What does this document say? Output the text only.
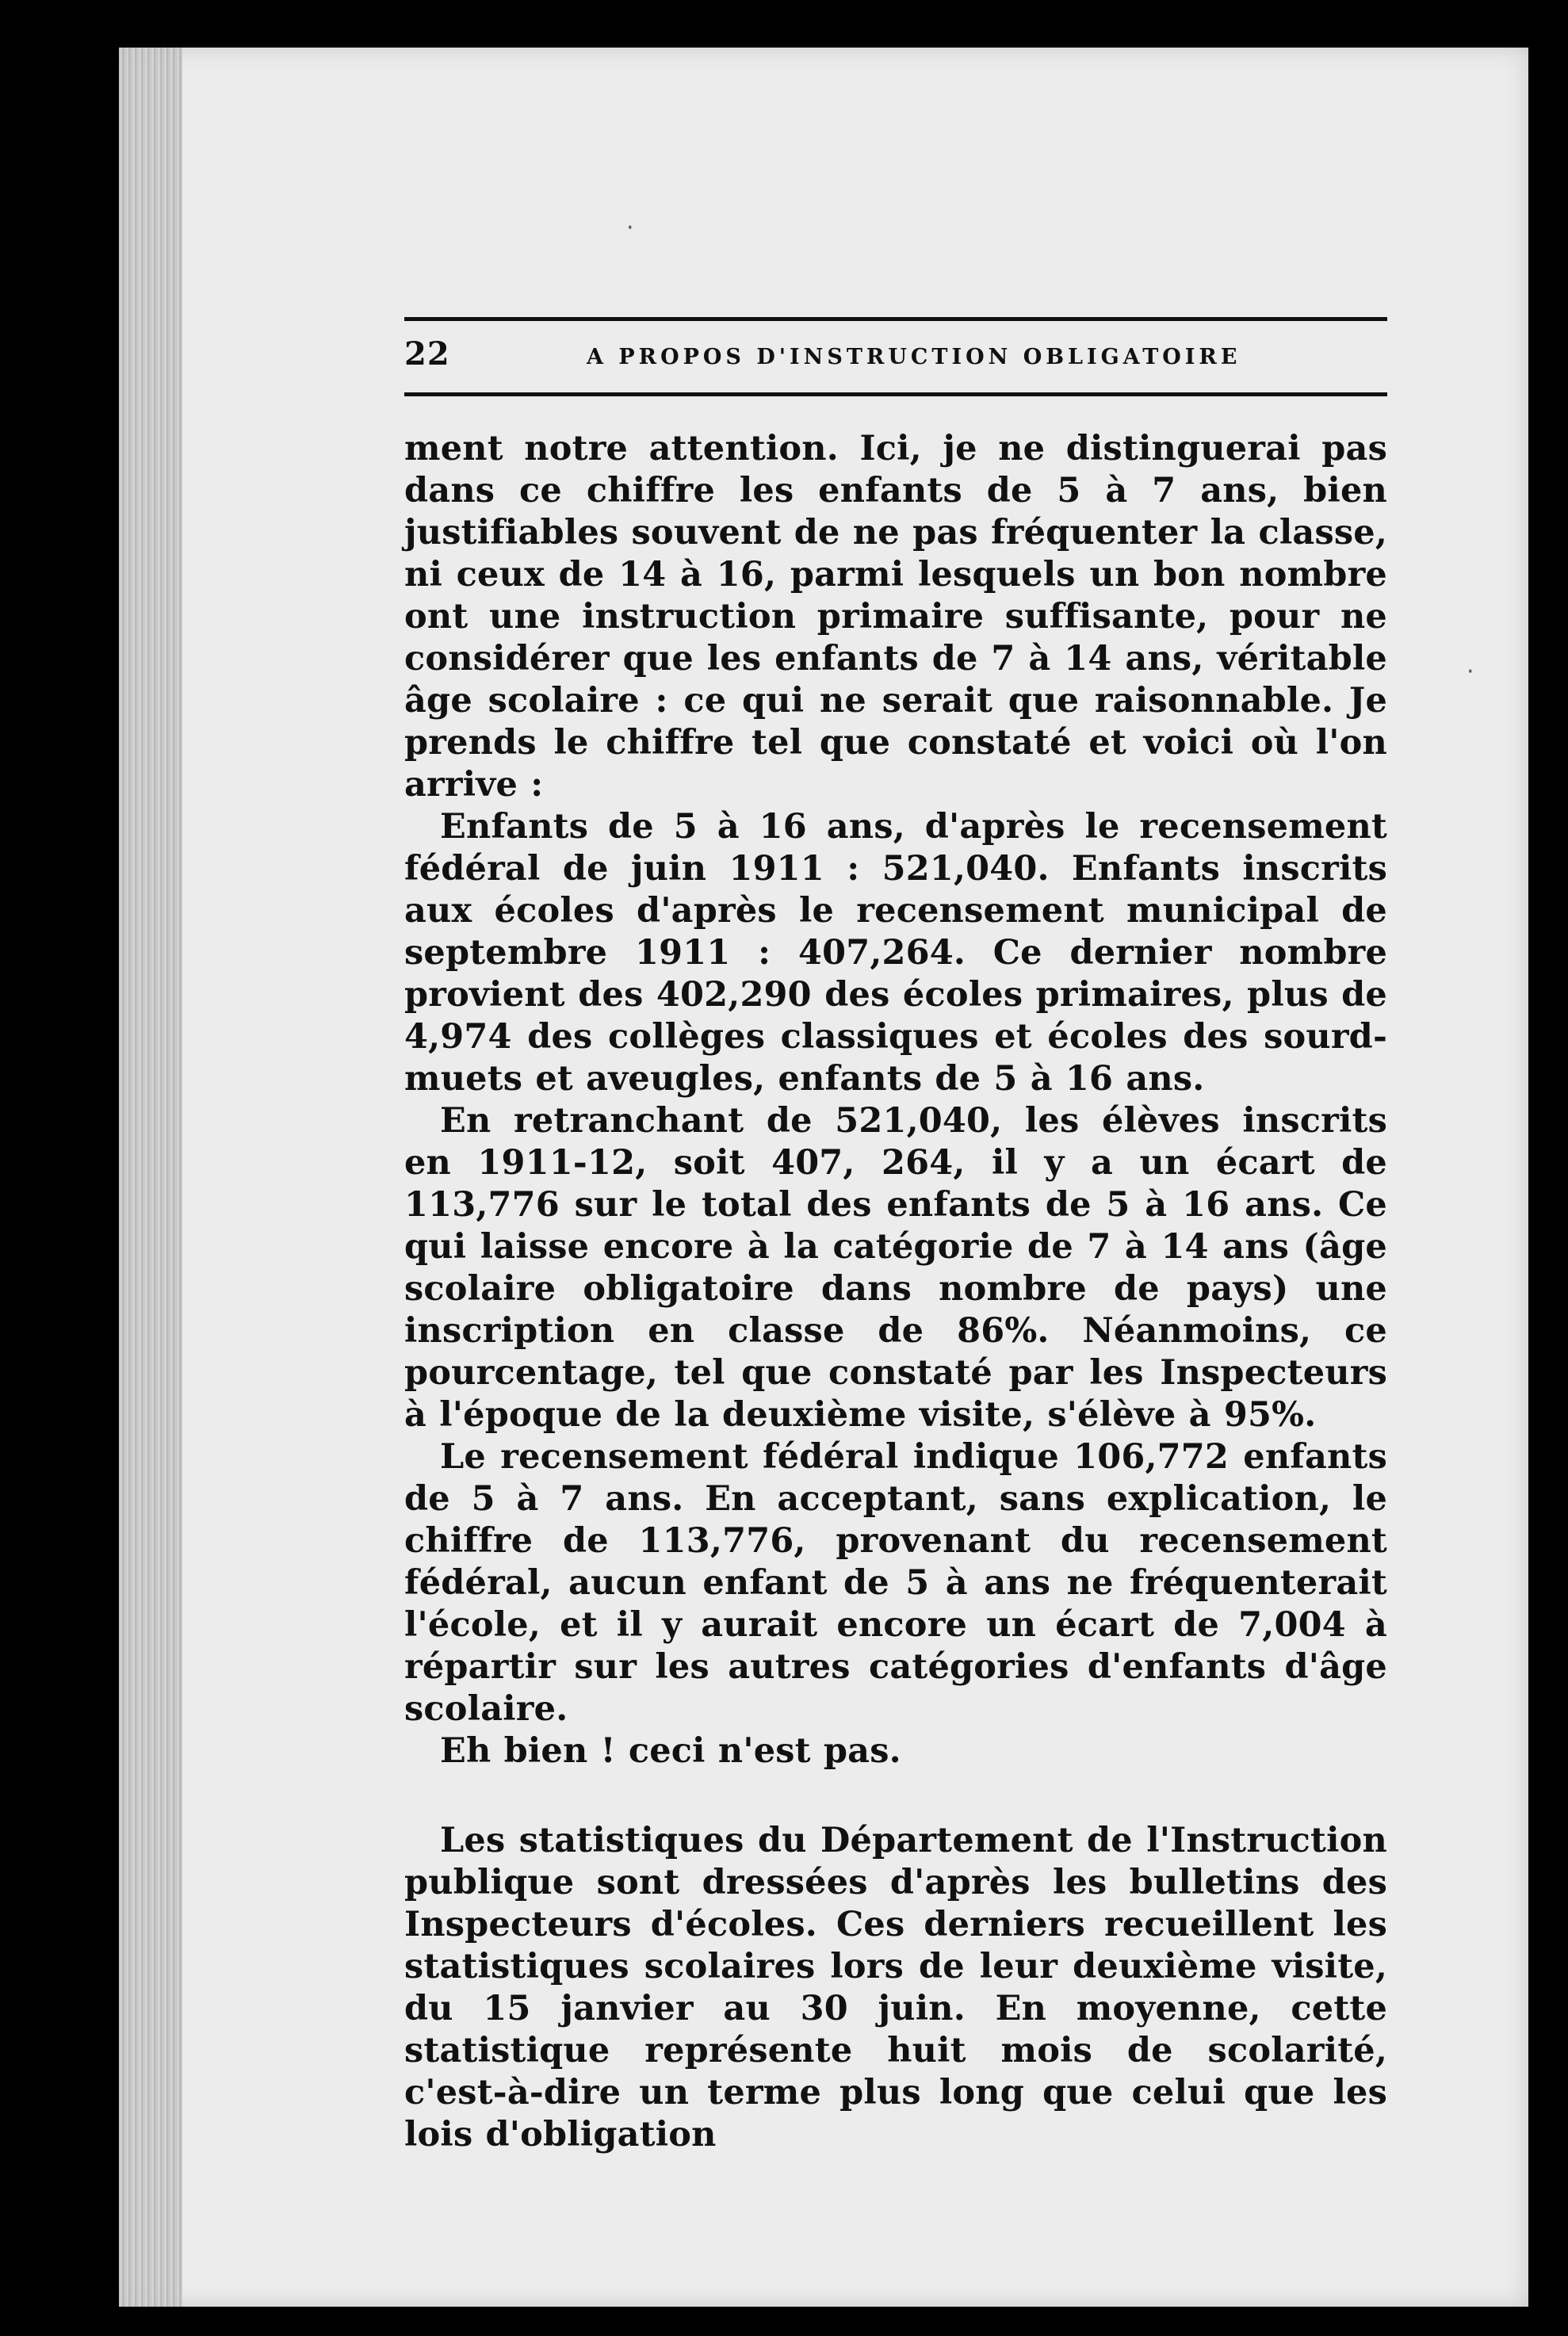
22	A PROPOS D'INSTRUCTION OBLIGATOIRE

ment notre attention. Ici, je ne distinguerai pas dans ce chiffre les enfants de 5 à 7 ans, bien justifiables souvent de ne pas fréquenter la classe, ni ceux de 14 à 16, parmi lesquels un bon nombre ont une instruction primaire suffisante, pour ne considérer que les enfants de 7 à 14 ans, véritable âge scolaire : ce qui ne serait que raisonnable. Je prends le chiffre tel que constaté et voici où l'on arrive :

Enfants de 5 à 16 ans, d'après le recensement fédéral de juin 1911 : 521,040. Enfants inscrits aux écoles d'après le recensement municipal de septembre 1911 : 407,264. Ce dernier nombre provient des 402,290 des écoles primaires, plus de 4,974 des collèges classiques et écoles des sourd-muets et aveugles, enfants de 5 à 16 ans.

En retranchant de 521,040, les élèves inscrits en 1911-12, soit 407, 264, il y a un écart de 113,776 sur le total des enfants de 5 à 16 ans. Ce qui laisse encore à la catégorie de 7 à 14 ans (âge scolaire obligatoire dans nombre de pays) une inscription en classe de 86%. Néanmoins, ce pourcentage, tel que constaté par les Inspecteurs à l'époque de la deuxième visite, s'élève à 95%.

Le recensement fédéral indique 106,772 enfants de 5 à 7 ans. En acceptant, sans explication, le chiffre de 113,776, provenant du recensement fédéral, aucun enfant de 5 à ans ne fréquenterait l'école, et il y aurait encore un écart de 7,004 à répartir sur les autres catégories d'enfants d'âge scolaire.

Eh bien ! ceci n'est pas.

Les statistiques du Département de l'Instruction publique sont dressées d'après les bulletins des Inspecteurs d'écoles. Ces derniers recueillent les statistiques scolaires lors de leur deuxième visite, du 15 janvier au 30 juin. En moyenne, cette statistique représente huit mois de scolarité, c'est-à-dire un terme plus long que celui que les lois d'obligation

·
·
